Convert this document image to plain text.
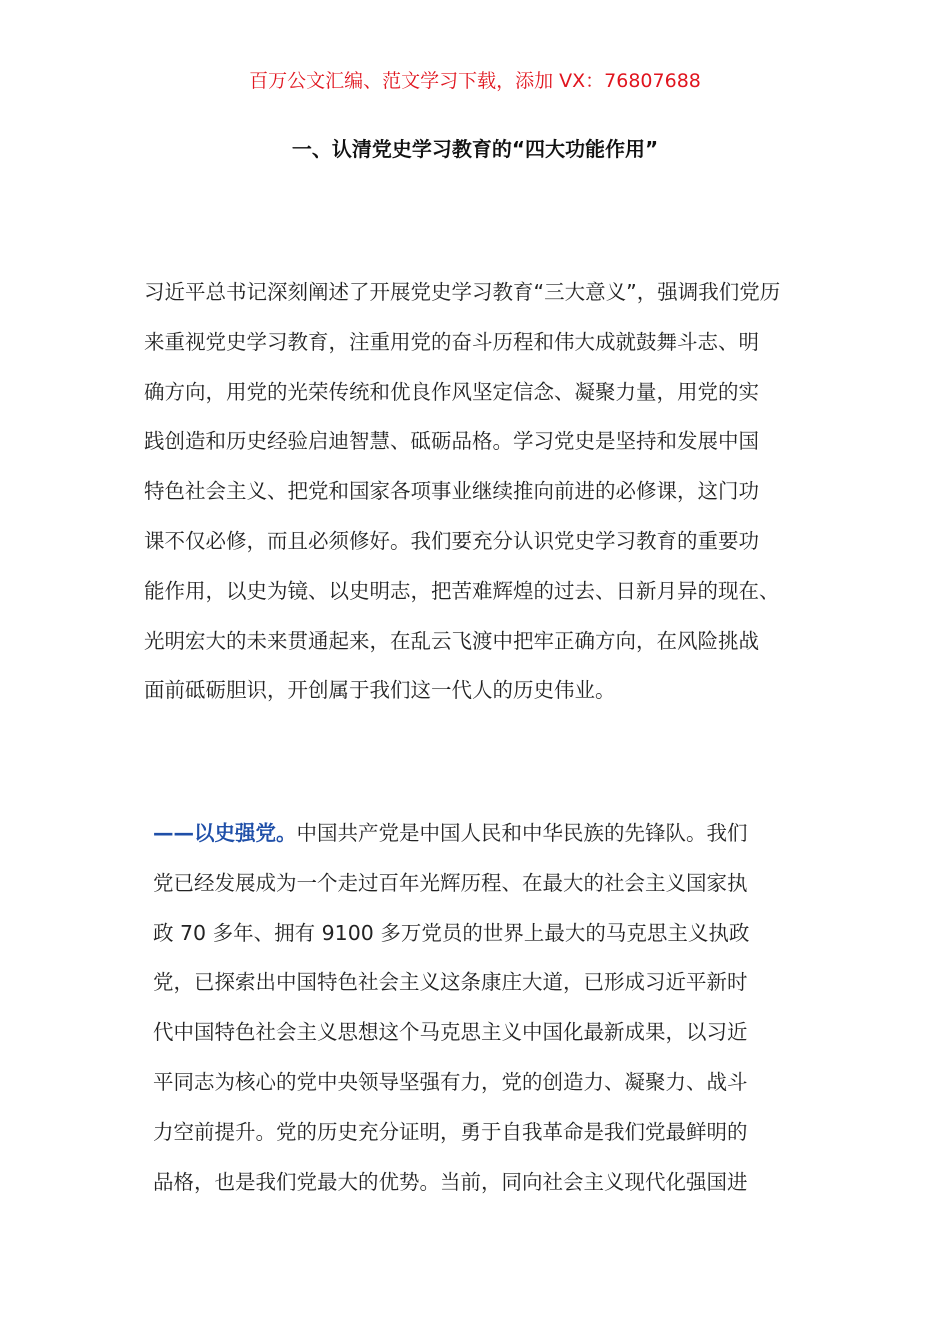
百万公文汇编、范文学习下载，添加 VX：76807688
一、认清党史学习教育的“四大功能作用”
习近平总书记深刻阐述了开展党史学习教育“三大意义”，强调我们党历
来重视党史学习教育，注重用党的奋斗历程和伟大成就鼓舞斗志、明
确方向，用党的光荣传统和优良作风坚定信念、凝聚力量，用党的实
践创造和历史经验启迪智慧、砥砺品格。学习党史是坚持和发展中国
特色社会主义、把党和国家各项事业继续推向前进的必修课，这门功
课不仅必修，而且必须修好。我们要充分认识党史学习教育的重要功
能作用，以史为镜、以史明志，把苦难辉煌的过去、日新月异的现在、
光明宏大的未来贯通起来，在乱云飞渡中把牢正确方向，在风险挑战
面前砥砺胆识，开创属于我们这一代人的历史伟业。
——以史强党。中国共产党是中国人民和中华民族的先锋队。我们
党已经发展成为一个走过百年光辉历程、在最大的社会主义国家执
政 70 多年、拥有 9100 多万党员的世界上最大的马克思主义执政
党，已探索出中国特色社会主义这条康庄大道，已形成习近平新时
代中国特色社会主义思想这个马克思主义中国化最新成果，以习近
平同志为核心的党中央领导坚强有力，党的创造力、凝聚力、战斗
力空前提升。党的历史充分证明，勇于自我革命是我们党最鲜明的
品格，也是我们党最大的优势。当前，同向社会主义现代化强国进
